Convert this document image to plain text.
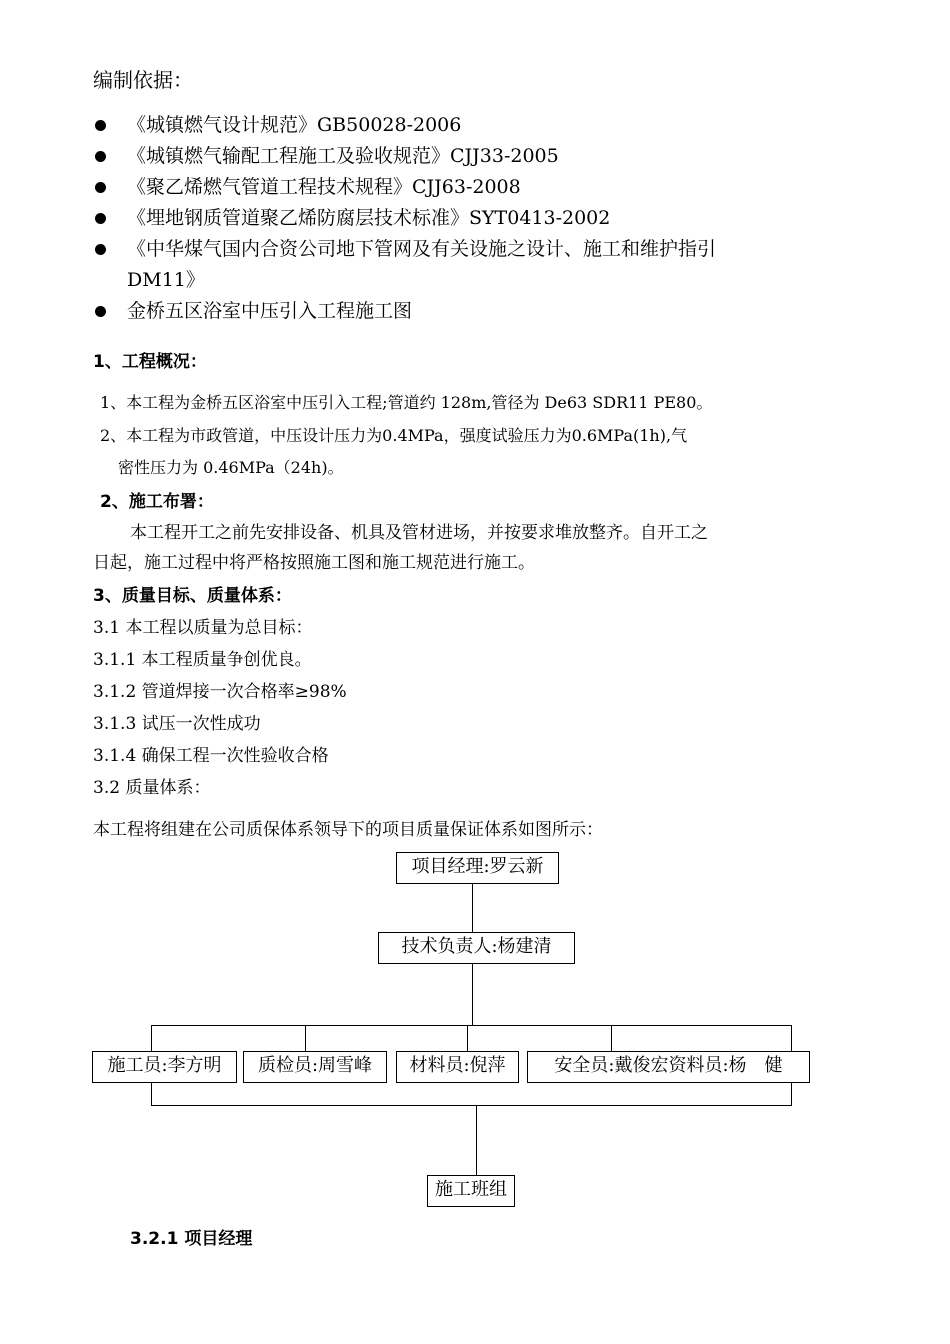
编制依据：
《城镇燃气设计规范》GB50028-2006
《城镇燃气输配工程施工及验收规范》CJJ33-2005
《聚乙烯燃气管道工程技术规程》CJJ63-2008
《埋地钢质管道聚乙烯防腐层技术标准》SYT0413-2002
《中华煤气国内合资公司地下管网及有关设施之设计、施工和维护指引
DM11》
金桥五区浴室中压引入工程施工图
1、工程概况：
1、本工程为金桥五区浴室中压引入工程;管道约 128m,管径为 De63 SDR11 PE80。
2、本工程为市政管道，中压设计压力为0.4MPa，强度试验压力为0.6MPa(1h),气
密性压力为 0.46MPa（24h)。
2、施工布署：
本工程开工之前先安排设备、机具及管材进场，并按要求堆放整齐。自开工之
日起，施工过程中将严格按照施工图和施工规范进行施工。
3、质量目标、质量体系：
3.1 本工程以质量为总目标：
3.1.1 本工程质量争创优良。
3.1.2 管道焊接一次合格率≥98%
3.1.3 试压一次性成功
3.1.4 确保工程一次性验收合格
3.2 质量体系：
本工程将组建在公司质保体系领导下的项目质量保证体系如图所示：
项目经理:罗云新
技术负责人:杨建清
施工员:李方明	质检员:周雪峰	材料员:倪萍	安全员:戴俊宏资料员:杨　健
施工班组
3.2.1 项目经理
